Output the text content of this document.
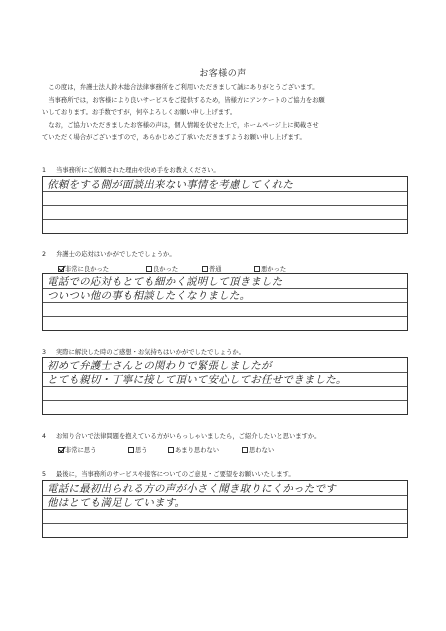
お客様の声

この度は，弁護士法人鈴木総合法律事務所をご利用いただきまして誠にありがとうございます。

当事務所では，お客様により良いサービスをご提供するため，皆様方にアンケートのご協力をお願

いしております。お手数ですが，何卒よろしくお願い申し上げます。

なお，ご協力いただきましたお客様の声は，個人情報を伏せた上で，ホームページ上に掲載させ

ていただく場合がございますので，あらかじめご了承いただきますようお願い申し上げます。

1 当事務所にご依頼された理由や決め手をお教えください。
依頼をする側が面談出来ない事情を考慮してくれた
2 弁護士の応対はいかがでしたでしょうか。
非常に良かった	良かった	普通	悪かった
電話での応対もとても細かく説明して頂きました
ついつい他の事も相談したくなりました。
3 実際に解決した時のご感想・お気持ちはいかがでしたでしょうか。
初めて弁護士さんとの関わりで緊張しましたが
とても親切・丁寧に接して頂いて安心してお任せできました。
4 お知り合いで法律問題を抱えている方がいらっしゃいましたら，ご紹介したいと思いますか。
非常に思う	思う	あまり思わない	思わない
5 最後に，当事務所のサービスや接客についてのご意見・ご要望をお願いいたします。
電話に最初出られる方の声が小さく聞き取りにくかったです
他はとても満足しています。
